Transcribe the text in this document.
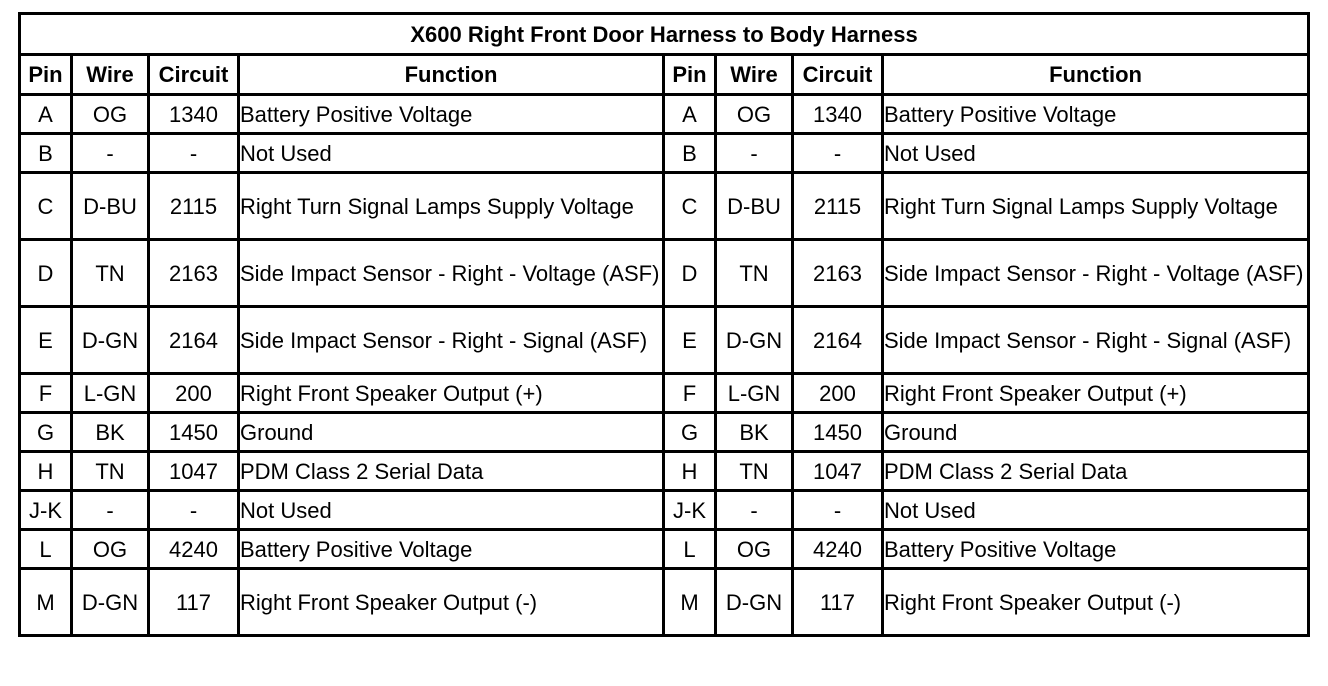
X600 Right Front Door Harness to Body Harness							
Pin	Wire	Circuit	Function	Pin	Wire	Circuit	Function
A	OG	1340	Battery Positive Voltage	A	OG	1340	Battery Positive Voltage
B	-	-	Not Used	B	-	-	Not Used
C	D-BU	2115	Right Turn Signal Lamps Supply Voltage	C	D-BU	2115	Right Turn Signal Lamps Supply Voltage
D	TN	2163	Side Impact Sensor - Right - Voltage (ASF)	D	TN	2163	Side Impact Sensor - Right - Voltage (ASF)
E	D-GN	2164	Side Impact Sensor - Right - Signal (ASF)	E	D-GN	2164	Side Impact Sensor - Right - Signal (ASF)
F	L-GN	200	Right Front Speaker Output (+)	F	L-GN	200	Right Front Speaker Output (+)
G	BK	1450	Ground	G	BK	1450	Ground
H	TN	1047	PDM Class 2 Serial Data	H	TN	1047	PDM Class 2 Serial Data
J-K	-	-	Not Used	J-K	-	-	Not Used
L	OG	4240	Battery Positive Voltage	L	OG	4240	Battery Positive Voltage
M	D-GN	117	Right Front Speaker Output (-)	M	D-GN	117	Right Front Speaker Output (-)
